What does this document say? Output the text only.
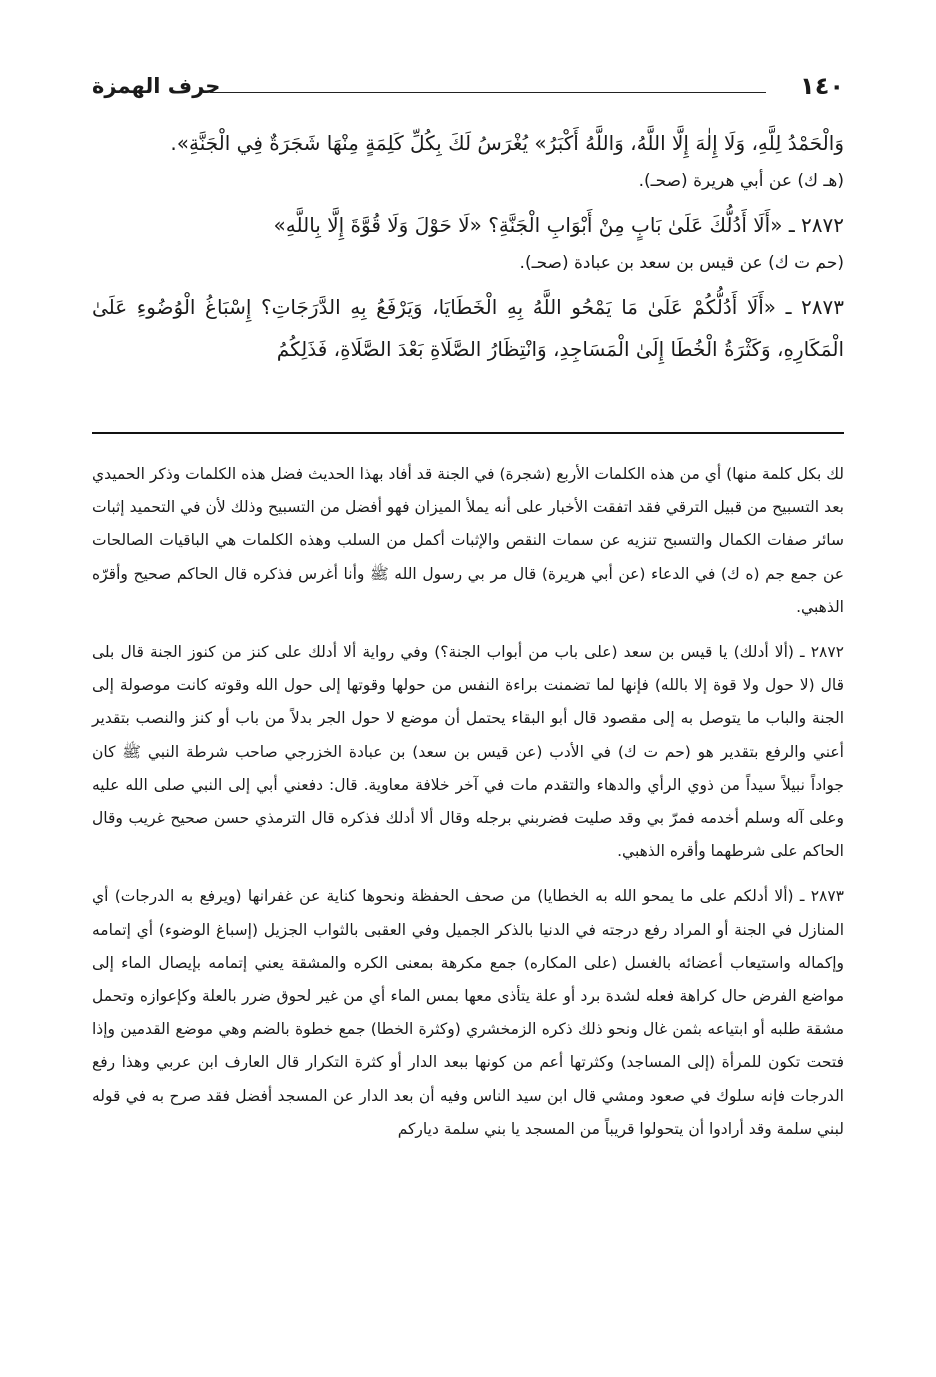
حرف الهمزة	١٤٠

وَالْحَمْدُ لِلَّهِ، وَلَا إِلٰهَ إِلَّا اللَّهُ، وَاللَّهُ أَكْبَرُ» يُغْرَسُ لَكَ بِكُلِّ كَلِمَةٍ مِنْهَا شَجَرَةٌ فِي الْجَنَّةِ».

(هـ ك) عن أبي هريرة (صحـ).

٢٨٧٢ ـ «أَلَا أَدُلُّكَ عَلَىٰ بَابٍ مِنْ أَبْوَابِ الْجَنَّةِ؟ «لَا حَوْلَ وَلَا قُوَّةَ إِلَّا بِاللَّهِ»

(حم ت ك) عن قيس بن سعد بن عبادة (صحـ).

٢٨٧٣ ـ «أَلَا أَدُلُّكُمْ عَلَىٰ مَا يَمْحُو اللَّهُ بِهِ الْخَطَايَا، وَيَرْفَعُ بِهِ الدَّرَجَاتِ؟ إِسْبَاغُ الْوُضُوءِ عَلَىٰ الْمَكَارِهِ، وَكَثْرَةُ الْخُطَا إِلَىٰ الْمَسَاجِدِ، وَانْتِظَارُ الصَّلَاةِ بَعْدَ الصَّلَاةِ، فَذَلِكُمُ

لك بكل كلمة منها) أي من هذه الكلمات الأربع (شجرة) في الجنة قد أفاد بهذا الحديث فضل هذه الكلمات وذكر الحميدي بعد التسبيح من قبيل الترقي فقد اتفقت الأخبار على أنه يملأ الميزان فهو أفضل من التسبيح وذلك لأن في التحميد إثبات سائر صفات الكمال والتسبح تنزيه عن سمات النقص والإثبات أكمل من السلب وهذه الكلمات هي الباقيات الصالحات عن جمع جم (ه ك) في الدعاء (عن أبي هريرة) قال مر بي رسول الله ﷺ وأنا أغرس فذكره قال الحاكم صحيح وأقرّه الذهبي.

٢٨٧٢ ـ (ألا أدلك) يا قيس بن سعد (على باب من أبواب الجنة؟) وفي رواية ألا أدلك على كنز من كنوز الجنة قال بلى قال (لا حول ولا قوة إلا بالله) فإنها لما تضمنت براءة النفس من حولها وقوتها إلى حول الله وقوته كانت موصولة إلى الجنة والباب ما يتوصل به إلى مقصود قال أبو البقاء يحتمل أن موضع لا حول الجر بدلاً من باب أو كنز والنصب بتقدير أعني والرفع بتقدير هو (حم ت ك) في الأدب (عن قيس بن سعد) بن عبادة الخزرجي صاحب شرطة النبي ﷺ كان جواداً نبيلاً سيداً من ذوي الرأي والدهاء والتقدم مات في آخر خلافة معاوية. قال: دفعني أبي إلى النبي صلى الله عليه وعلى آله وسلم أخدمه فمرّ بي وقد صليت فضربني برجله وقال ألا أدلك فذكره قال الترمذي حسن صحيح غريب وقال الحاكم على شرطهما وأقره الذهبي.

٢٨٧٣ ـ (ألا أدلكم على ما يمحو الله به الخطايا) من صحف الحفظة ونحوها كناية عن غفرانها (ويرفع به الدرجات) أي المنازل في الجنة أو المراد رفع درجته في الدنيا بالذكر الجميل وفي العقبى بالثواب الجزيل (إسباغ الوضوء) أي إتمامه وإكماله واستيعاب أعضائه بالغسل (على المكاره) جمع مكرهة بمعنى الكره والمشقة يعني إتمامه بإيصال الماء إلى مواضع الفرض حال كراهة فعله لشدة برد أو علة يتأذى معها بمس الماء أي من غير لحوق ضرر بالعلة وكإعوازه وتحمل مشقة طلبه أو ابتياعه بثمن غال ونحو ذلك ذكره الزمخشري (وكثرة الخطا) جمع خطوة بالضم وهي موضع القدمين وإذا فتحت تكون للمرأة (إلى المساجد) وكثرتها أعم من كونها ببعد الدار أو كثرة التكرار قال العارف ابن عربي وهذا رفع الدرجات فإنه سلوك في صعود ومشي قال ابن سيد الناس وفيه أن بعد الدار عن المسجد أفضل فقد صرح به في قوله لبني سلمة وقد أرادوا أن يتحولوا قريباً من المسجد يا بني سلمة دياركم
